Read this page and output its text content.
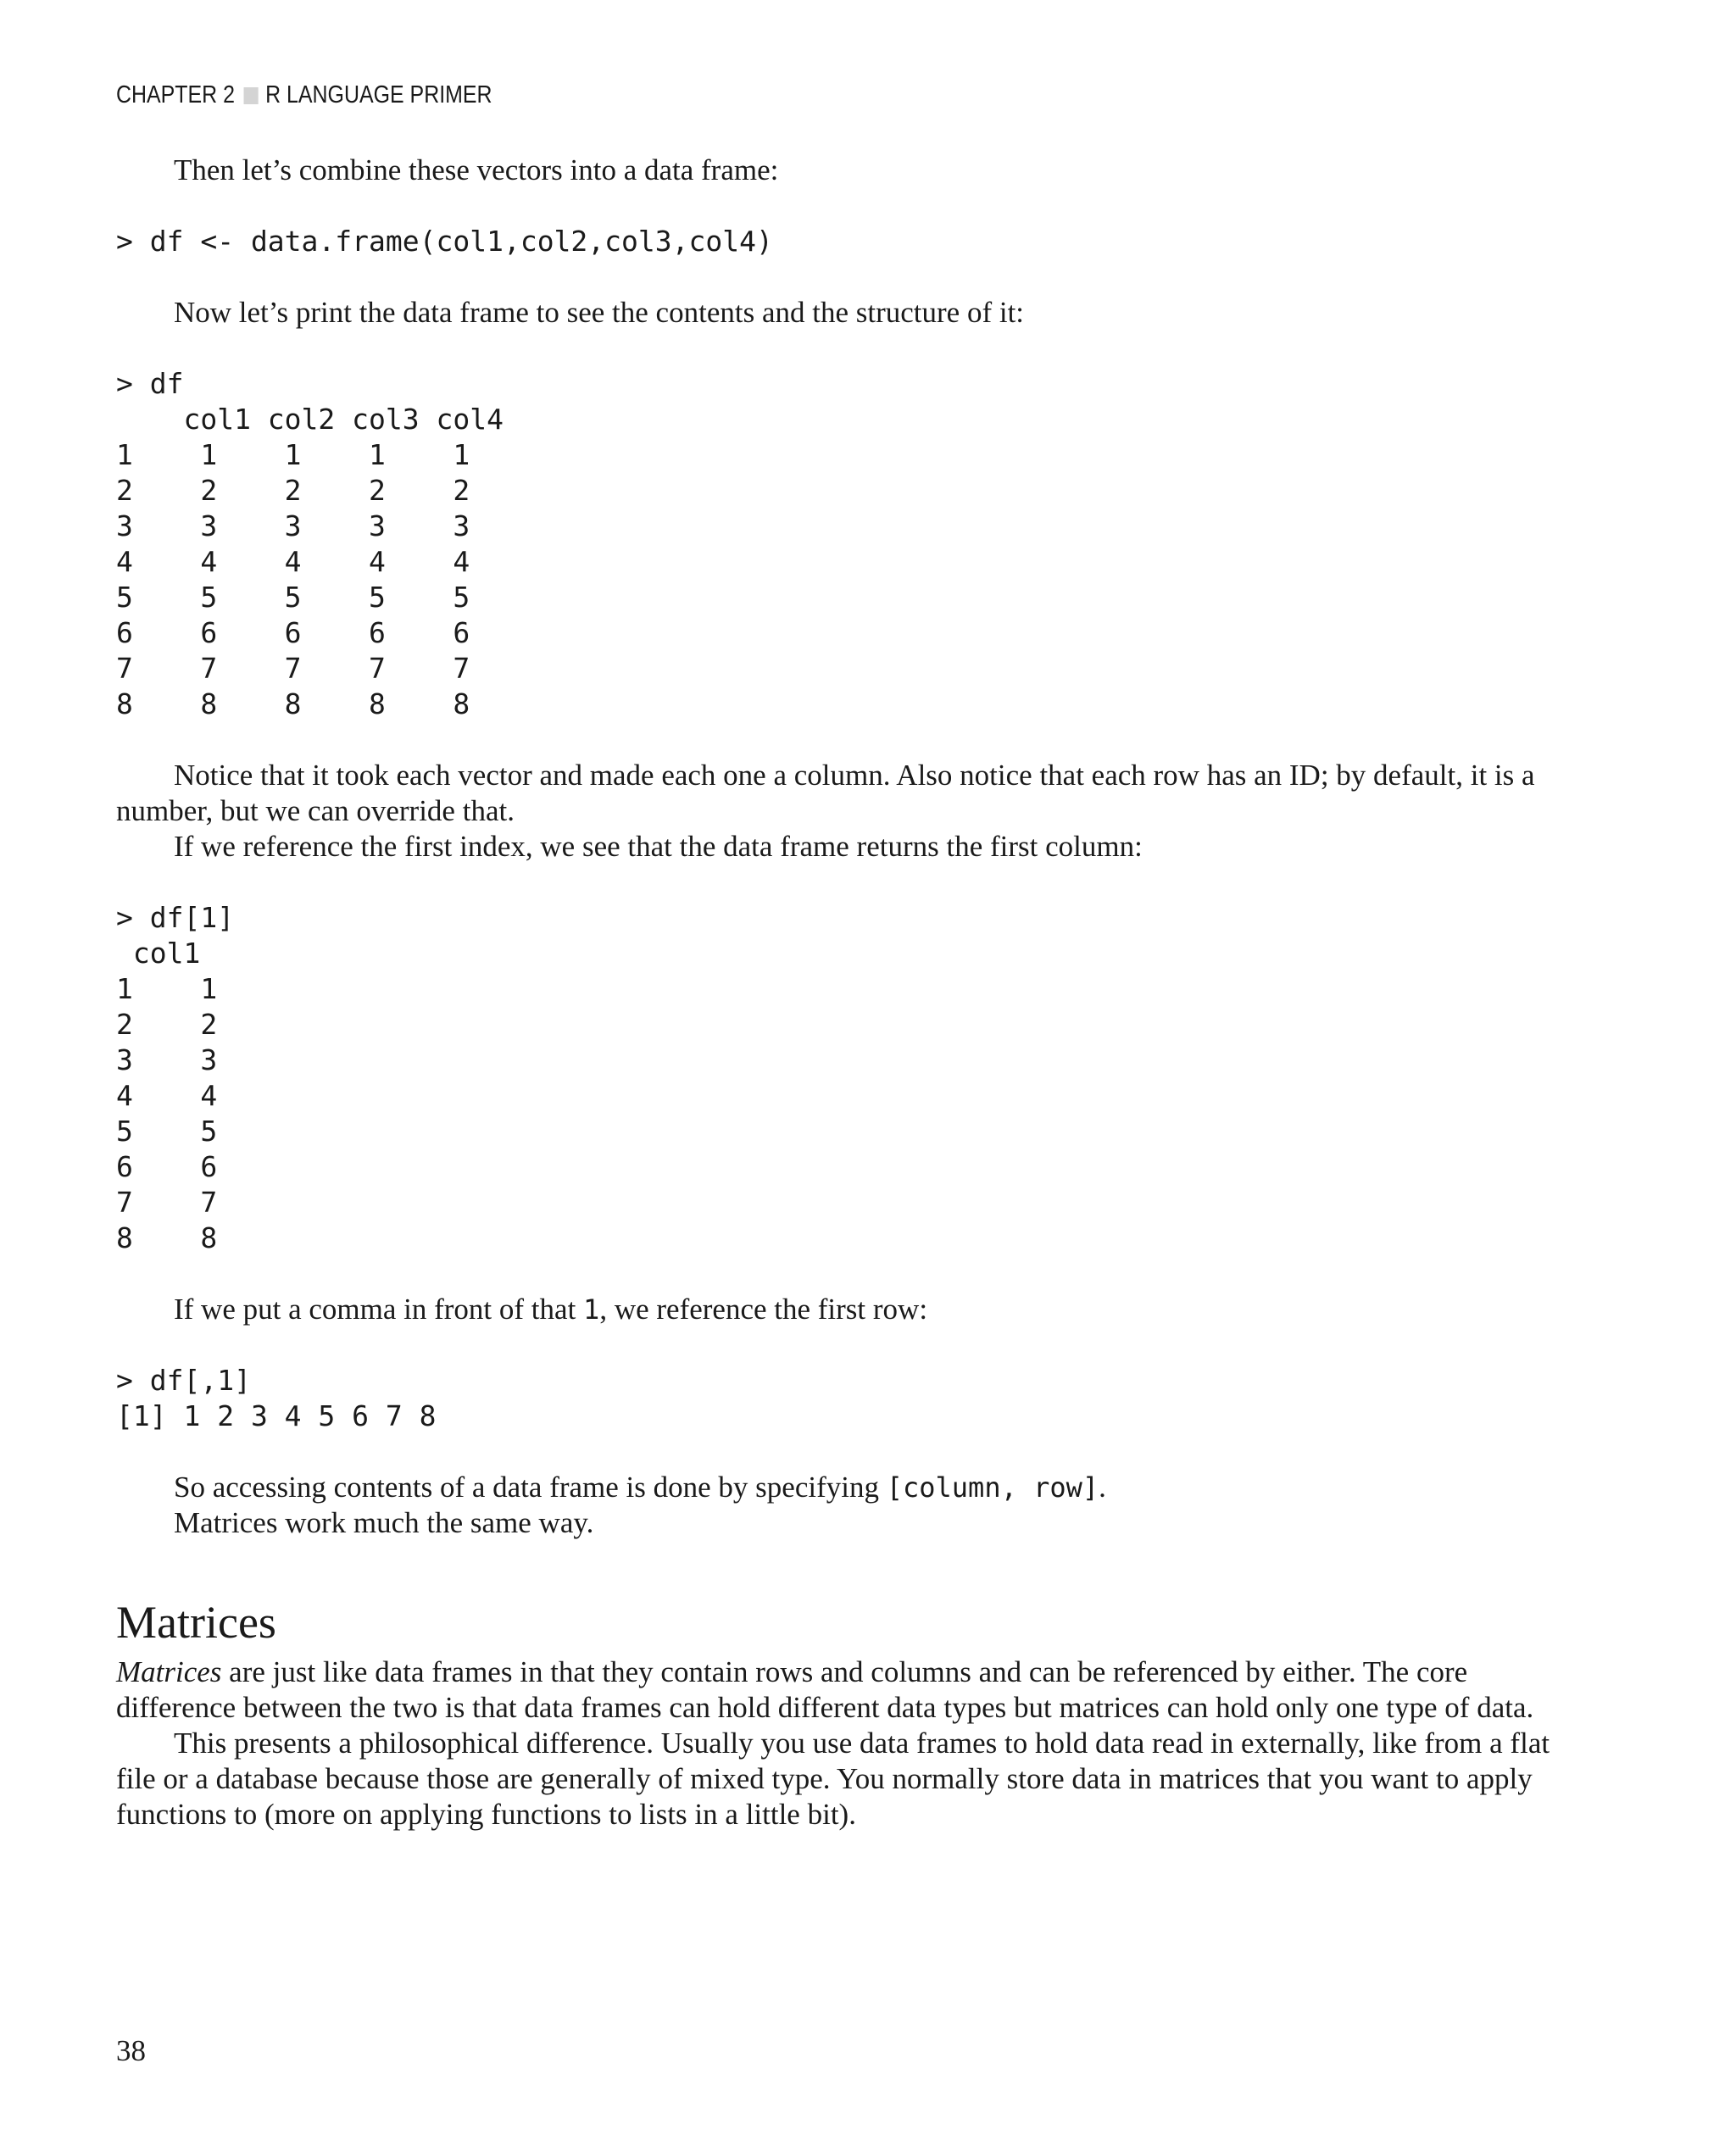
CHAPTER 2 R LANGUAGE PRIMER

Then let’s combine these vectors into a data frame:

> df <- data.frame(col1,col2,col3,col4)

Now let’s print the data frame to see the contents and the structure of it:

> df
col1 col2 col3 col4
1    1    1    1    1
2    2    2    2    2
3    3    3    3    3
4    4    4    4    4
5    5    5    5    5
6    6    6    6    6
7    7    7    7    7
8    8    8    8    8

Notice that it took each vector and made each one a column. Also notice that each row has an ID; by default, it is a number, but we can override that.

If we reference the first index, we see that the data frame returns the first column:

> df[1]
col1
1    1
2    2
3    3
4    4
5    5
6    6
7    7
8    8

If we put a comma in front of that 1, we reference the first row:

> df[,1]
[1] 1 2 3 4 5 6 7 8

So accessing contents of a data frame is done by specifying [column, row].

Matrices work much the same way.

Matrices

Matrices are just like data frames in that they contain rows and columns and can be referenced by either. The core difference between the two is that data frames can hold different data types but matrices can hold only one type of data.

This presents a philosophical difference. Usually you use data frames to hold data read in externally, like from a flat file or a database because those are generally of mixed type. You normally store data in matrices that you want to apply functions to (more on applying functions to lists in a little bit).

38
